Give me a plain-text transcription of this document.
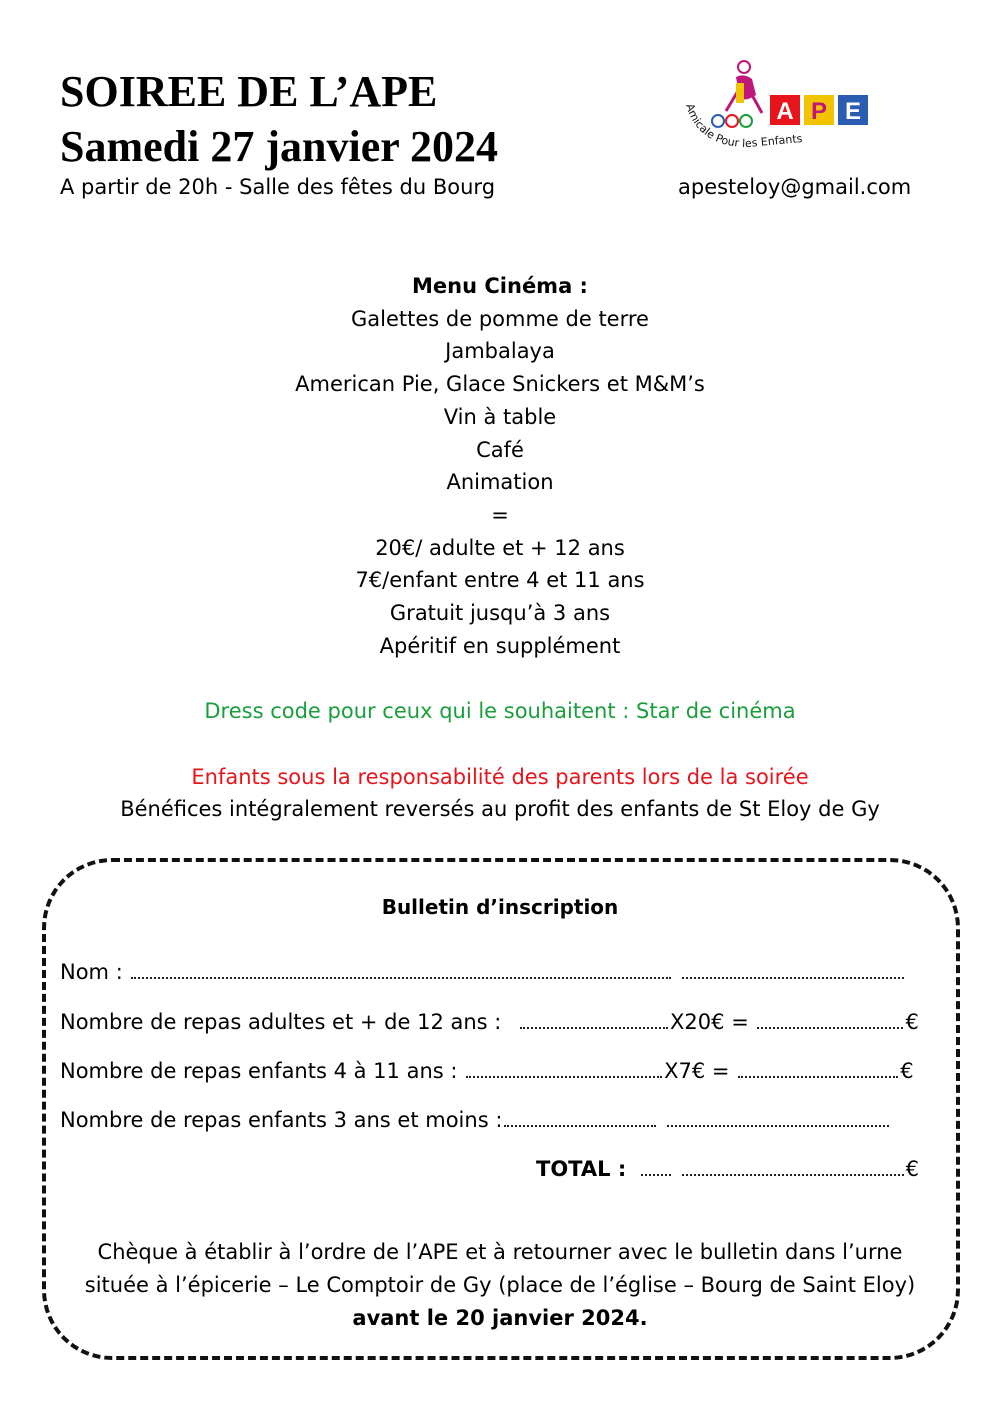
SOIREE DE L’APE
Samedi 27 janvier 2024
A partir de 20h - Salle des fêtes du Bourg	apesteloy@gmail.com
A P E
Amicale Pour les Enfants
Menu Cinéma :
Galettes de pomme de terre
Jambalaya
American Pie, Glace Snickers et M&M’s
Vin à table
Café
Animation
=
20€/ adulte et + 12 ans
7€/enfant entre 4 et 11 ans
Gratuit jusqu’à 3 ans
Apéritif en supplément
Dress code pour ceux qui le souhaitent : Star de cinéma
Enfants sous la responsabilité des parents lors de la soirée
Bénéfices intégralement reversés au profit des enfants de St Eloy de Gy
Bulletin d’inscription
Nom :
Nombre de repas adultes et + de 12 ans :	X20€ =	€
Nombre de repas enfants 4 à 11 ans :	X7€ =	€
Nombre de repas enfants 3 ans et moins :
TOTAL :	€
Chèque à établir à l’ordre de l’APE et à retourner avec le bulletin dans l’urne
située à l’épicerie – Le Comptoir de Gy (place de l’église – Bourg de Saint Eloy)
avant le 20 janvier 2024.
